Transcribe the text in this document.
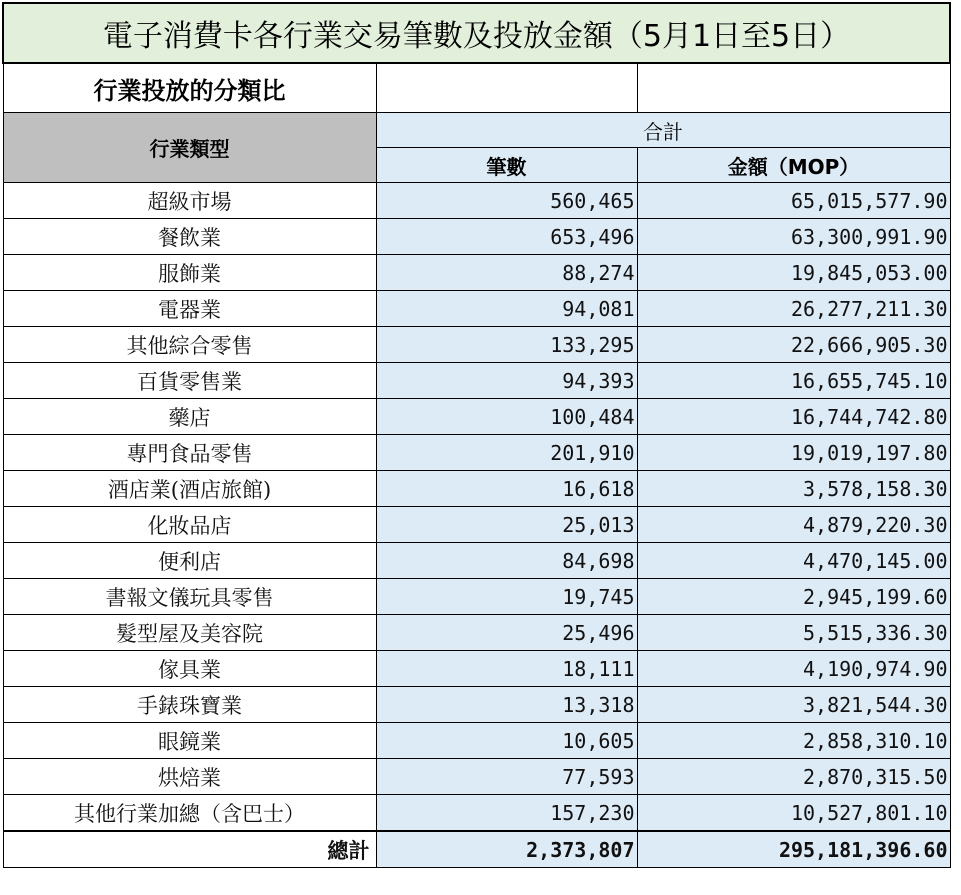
電子消費卡各行業交易筆數及投放金額（5月1日至5日）		
行業投放的分類比		
行業類型	合計	
	筆數	金額（MOP）
超級市場	560,465	65,015,577.90
餐飲業	653,496	63,300,991.90
服飾業	88,274	19,845,053.00
電器業	94,081	26,277,211.30
其他綜合零售	133,295	22,666,905.30
百貨零售業	94,393	16,655,745.10
藥店	100,484	16,744,742.80
專門食品零售	201,910	19,019,197.80
酒店業(酒店旅館)	16,618	3,578,158.30
化妝品店	25,013	4,879,220.30
便利店	84,698	4,470,145.00
書報文儀玩具零售	19,745	2,945,199.60
髮型屋及美容院	25,496	5,515,336.30
傢具業	18,111	4,190,974.90
手錶珠寶業	13,318	3,821,544.30
眼鏡業	10,605	2,858,310.10
烘焙業	77,593	2,870,315.50
其他行業加總（含巴士）	157,230	10,527,801.10
總計	2,373,807	295,181,396.60
